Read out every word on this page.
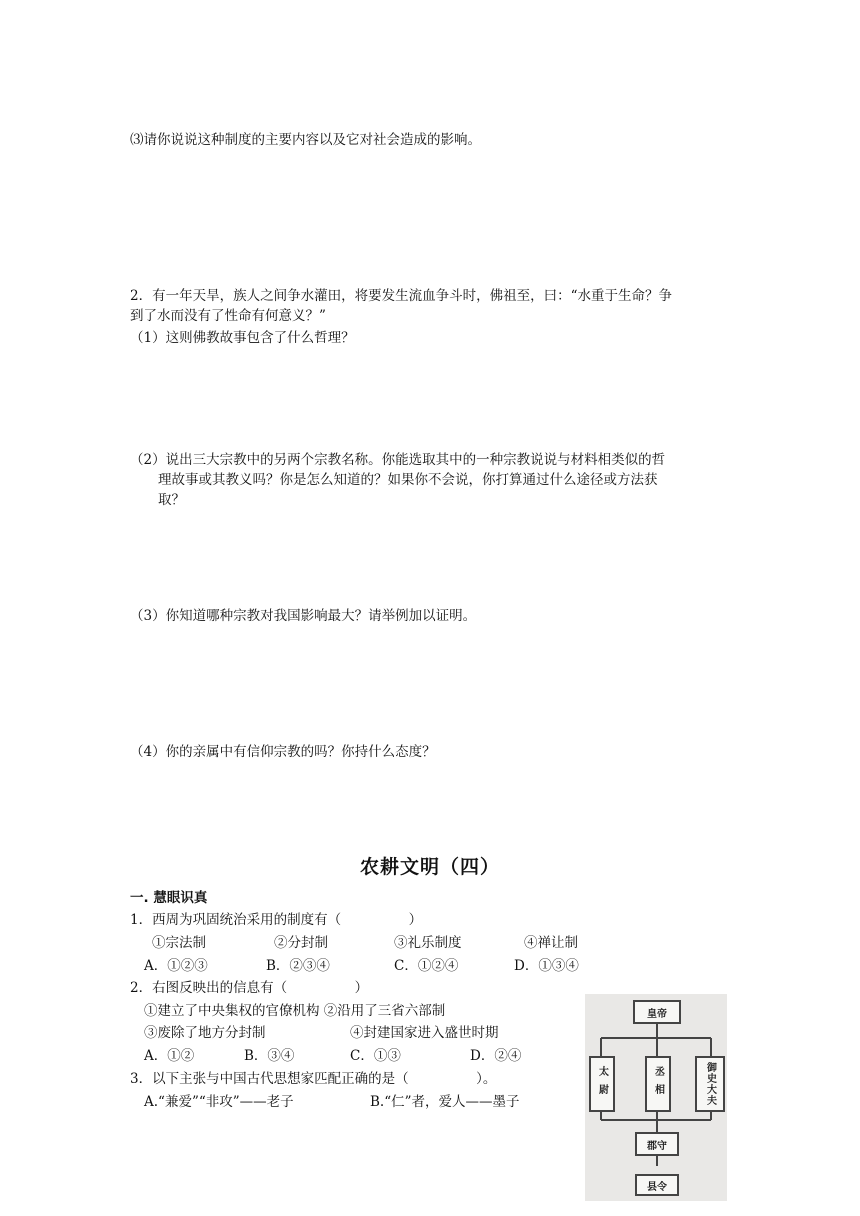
⑶请你说说这种制度的主要内容以及它对社会造成的影响。
2．有一年天旱，族人之间争水灌田，将要发生流血争斗时，佛祖至，曰：“水重于生命？争
到了水而没有了性命有何意义？”
（1）这则佛教故事包含了什么哲理？
（2）说出三大宗教中的另两个宗教名称。你能选取其中的一种宗教说说与材料相类似的哲
理故事或其教义吗？你是怎么知道的？如果你不会说，你打算通过什么途径或方法获
取？
（3）你知道哪种宗教对我国影响最大？请举例加以证明。
（4）你的亲属中有信仰宗教的吗？你持什么态度？
农耕文明（四）
一. 慧眼识真
1．西周为巩固统治采用的制度有（　　　　　）
①宗法制	②分封制	③礼乐制度	④禅让制
A．①②③	B．②③④	C．①②④	D．①③④
2．右图反映出的信息有（　　　　　）
①建立了中央集权的官僚机构 ②沿用了三省六部制
③废除了地方分封制	④封建国家进入盛世时期
A．①②	B．③④	C．①③	D．②④
3．以下主张与中国古代思想家匹配正确的是（　　　　　）。
A.“兼爱”“非攻”——老子	B.“仁”者，爱人——墨子
皇帝
太尉	丞相	御史大夫
郡守
县令
